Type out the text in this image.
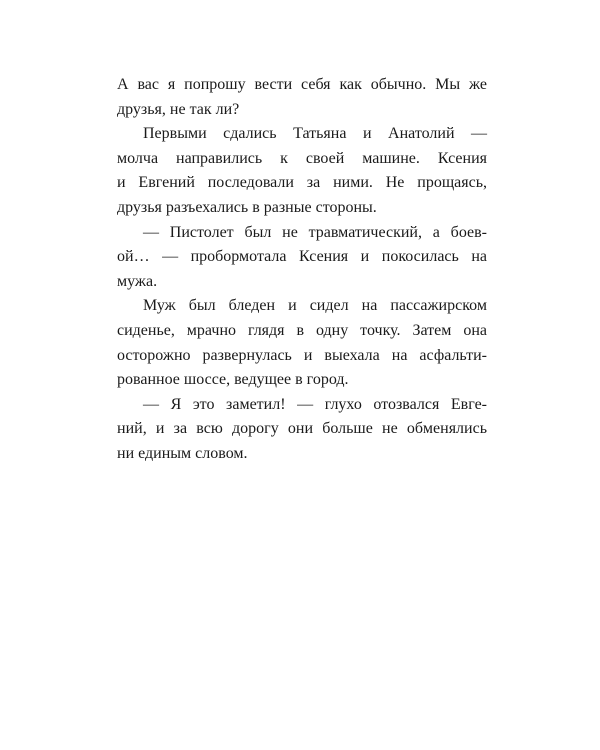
А вас я попрошу вести себя как обычно. Мы же
друзья, не так ли?
Первыми сдались Татьяна и Анатолий —
молча направились к своей машине. Ксения
и Евгений последовали за ними. Не прощаясь,
друзья разъехались в разные стороны.
— Пистолет был не травматический, а боев-
ой… — пробормотала Ксения и покосилась на
мужа.
Муж был бледен и сидел на пассажирском
сиденье, мрачно глядя в одну точку. Затем она
осторожно развернулась и выехала на асфальти-
рованное шоссе, ведущее в город.
— Я это заметил! — глухо отозвался Евге-
ний, и за всю дорогу они больше не обменялись
ни единым словом.
